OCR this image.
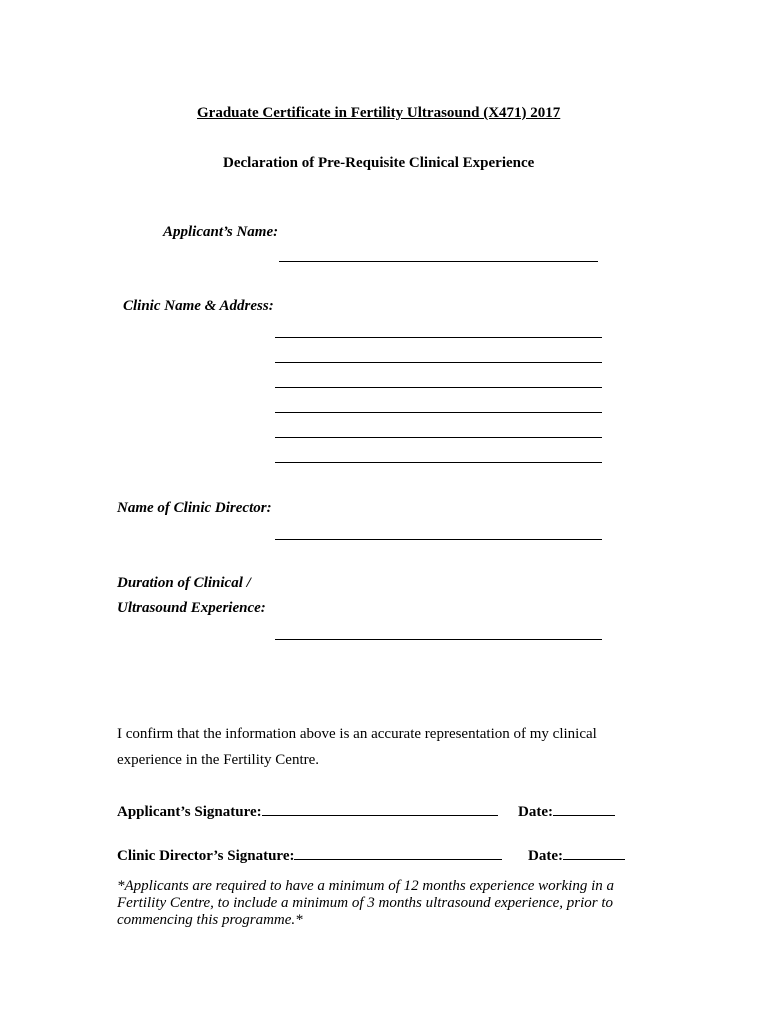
Graduate Certificate in Fertility Ultrasound (X471) 2017
Declaration of Pre-Requisite Clinical Experience
Applicant’s Name:
Clinic Name & Address:
Name of Clinic Director:
Duration of Clinical /
Ultrasound Experience:
I confirm that the information above is an accurate representation of my clinical
experience in the Fertility Centre.
Applicant’s Signature:	Date:
Clinic Director’s Signature:	Date:
*Applicants are required to have a minimum of 12 months experience working in a Fertility Centre, to include a minimum of 3 months ultrasound experience, prior to commencing this programme.*
